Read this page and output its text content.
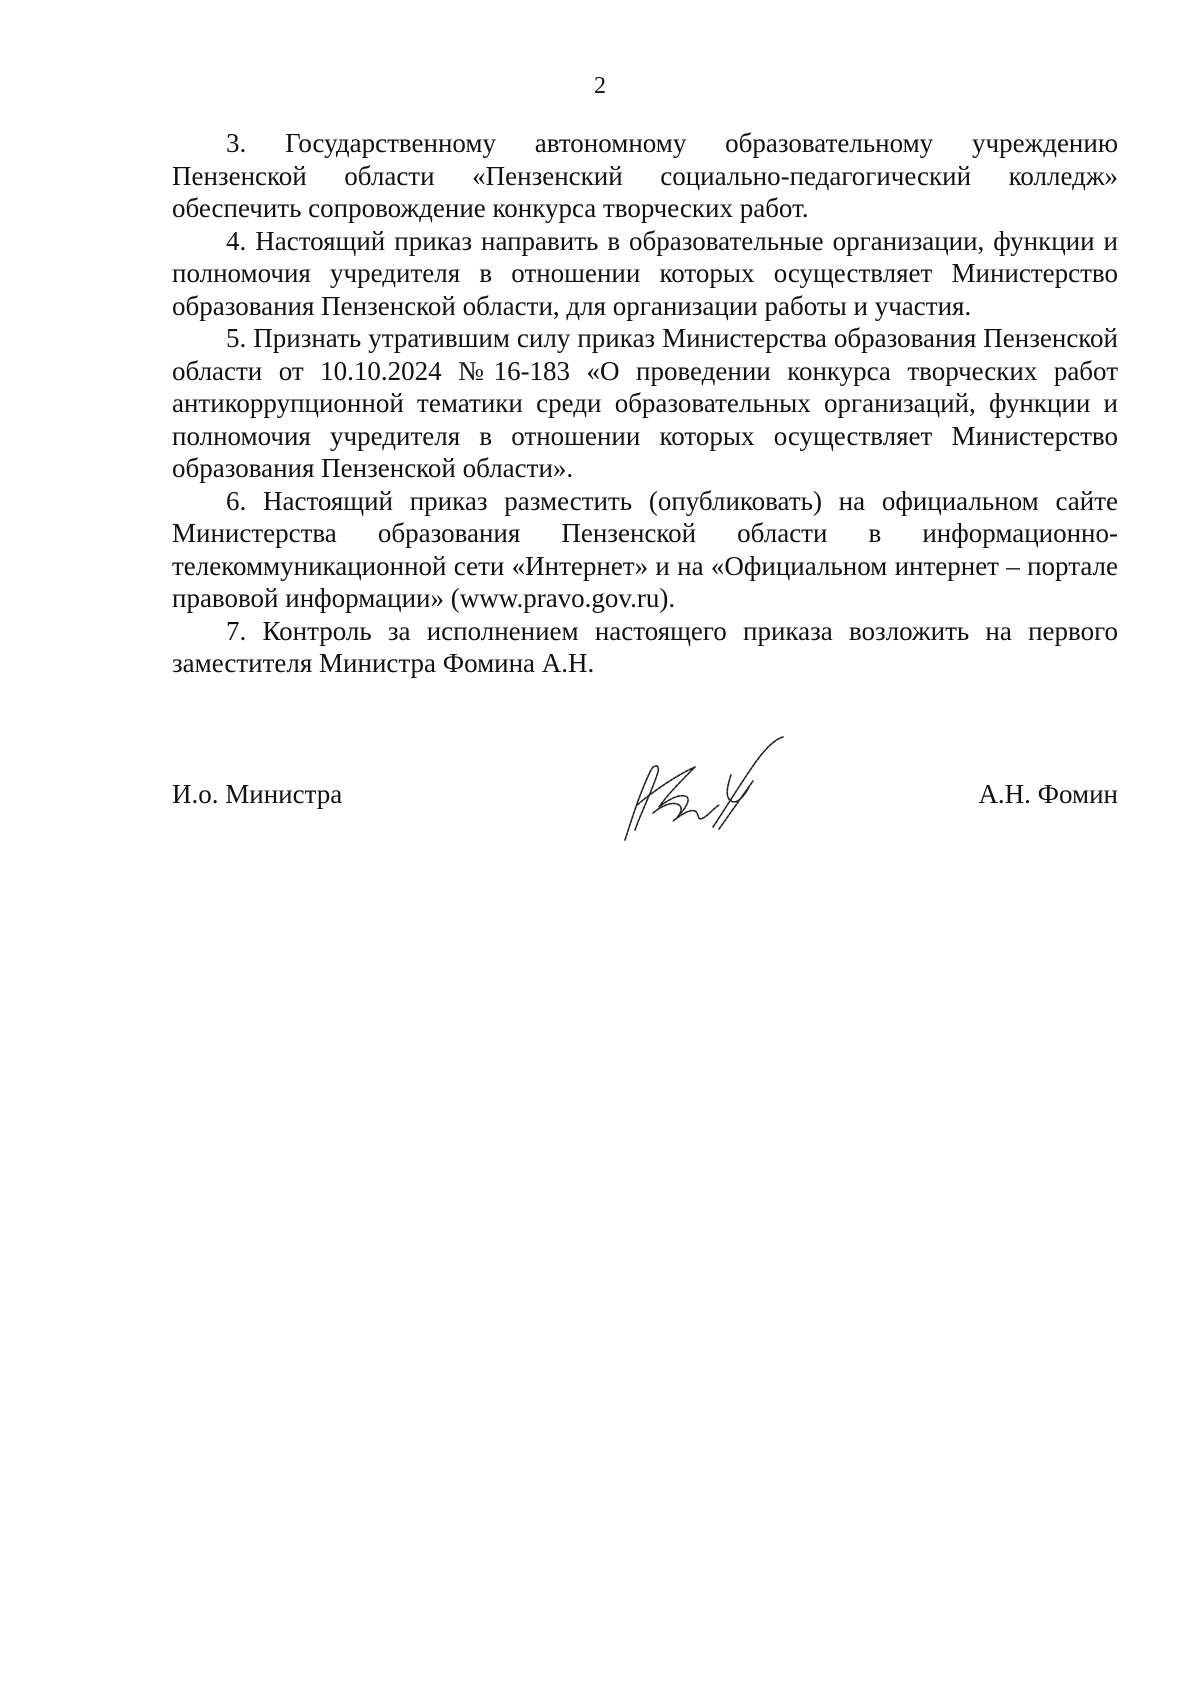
2

3. Государственному автономному образовательному учреждению Пензенской области «Пензенский социально-педагогический колледж» обеспечить сопровождение конкурса творческих работ.

4. Настоящий приказ направить в образовательные организации, функции и полномочия учредителя в отношении которых осуществляет Министерство образования Пензенской области, для организации работы и участия.

5. Признать утратившим силу приказ Министерства образования Пензенской области от 10.10.2024 №16-183 «О проведении конкурса творческих работ антикоррупционной тематики среди образовательных организаций, функции и полномочия учредителя в отношении которых осуществляет Министерство образования Пензенской области».

6. Настоящий приказ разместить (опубликовать) на официальном сайте Министерства образования Пензенской области в информационно-телекоммуникационной сети «Интернет» и на «Официальном интернет – портале правовой информации» (www.pravo.gov.ru).

7. Контроль за исполнением настоящего приказа возложить на первого заместителя Министра Фомина А.Н.

И.о. Министра	А.Н. Фомин
